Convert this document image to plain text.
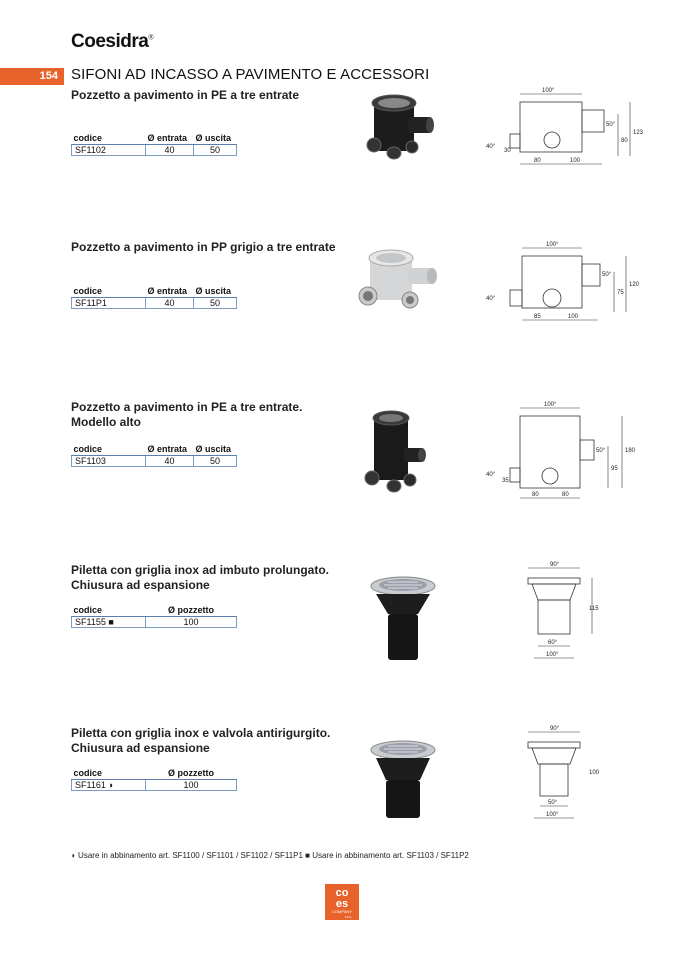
Coesidra®
154 SIFONI AD INCASSO A PAVIMENTO E ACCESSORI
Pozzetto a pavimento in PE a tre entrate
codice	Ø entrata	Ø uscita
SF1102	40	50
100°
50°
40°
30
123
80
80	100
Pozzetto a pavimento in PP grigio a tre entrate
codice	Ø entrata	Ø uscita
SF11P1	40	50
100°
50°
40°
120
75
85	100
Pozzetto a pavimento in PE a tre entrate.
Modello alto
codice	Ø entrata	Ø uscita
SF1103	40	50
100°
50°
40°
35
180
95
80	80
Piletta con griglia inox ad imbuto prolungato.
Chiusura ad espansione
codice	Ø pozzetto
SF1155 ■	100
90°
115
60°
100°
Piletta con griglia inox e valvola antirigurgito.
Chiusura ad espansione
codice	Ø pozzetto
SF1161 ◗	100
90°
100
50°
100°
◗ Usare in abbinamento art. SF1100 / SF1101 / SF1102 / SF11P1 ■ Usare in abbinamento art. SF1103 / SF11P2
co
es
COMPANY
S.R.L.
